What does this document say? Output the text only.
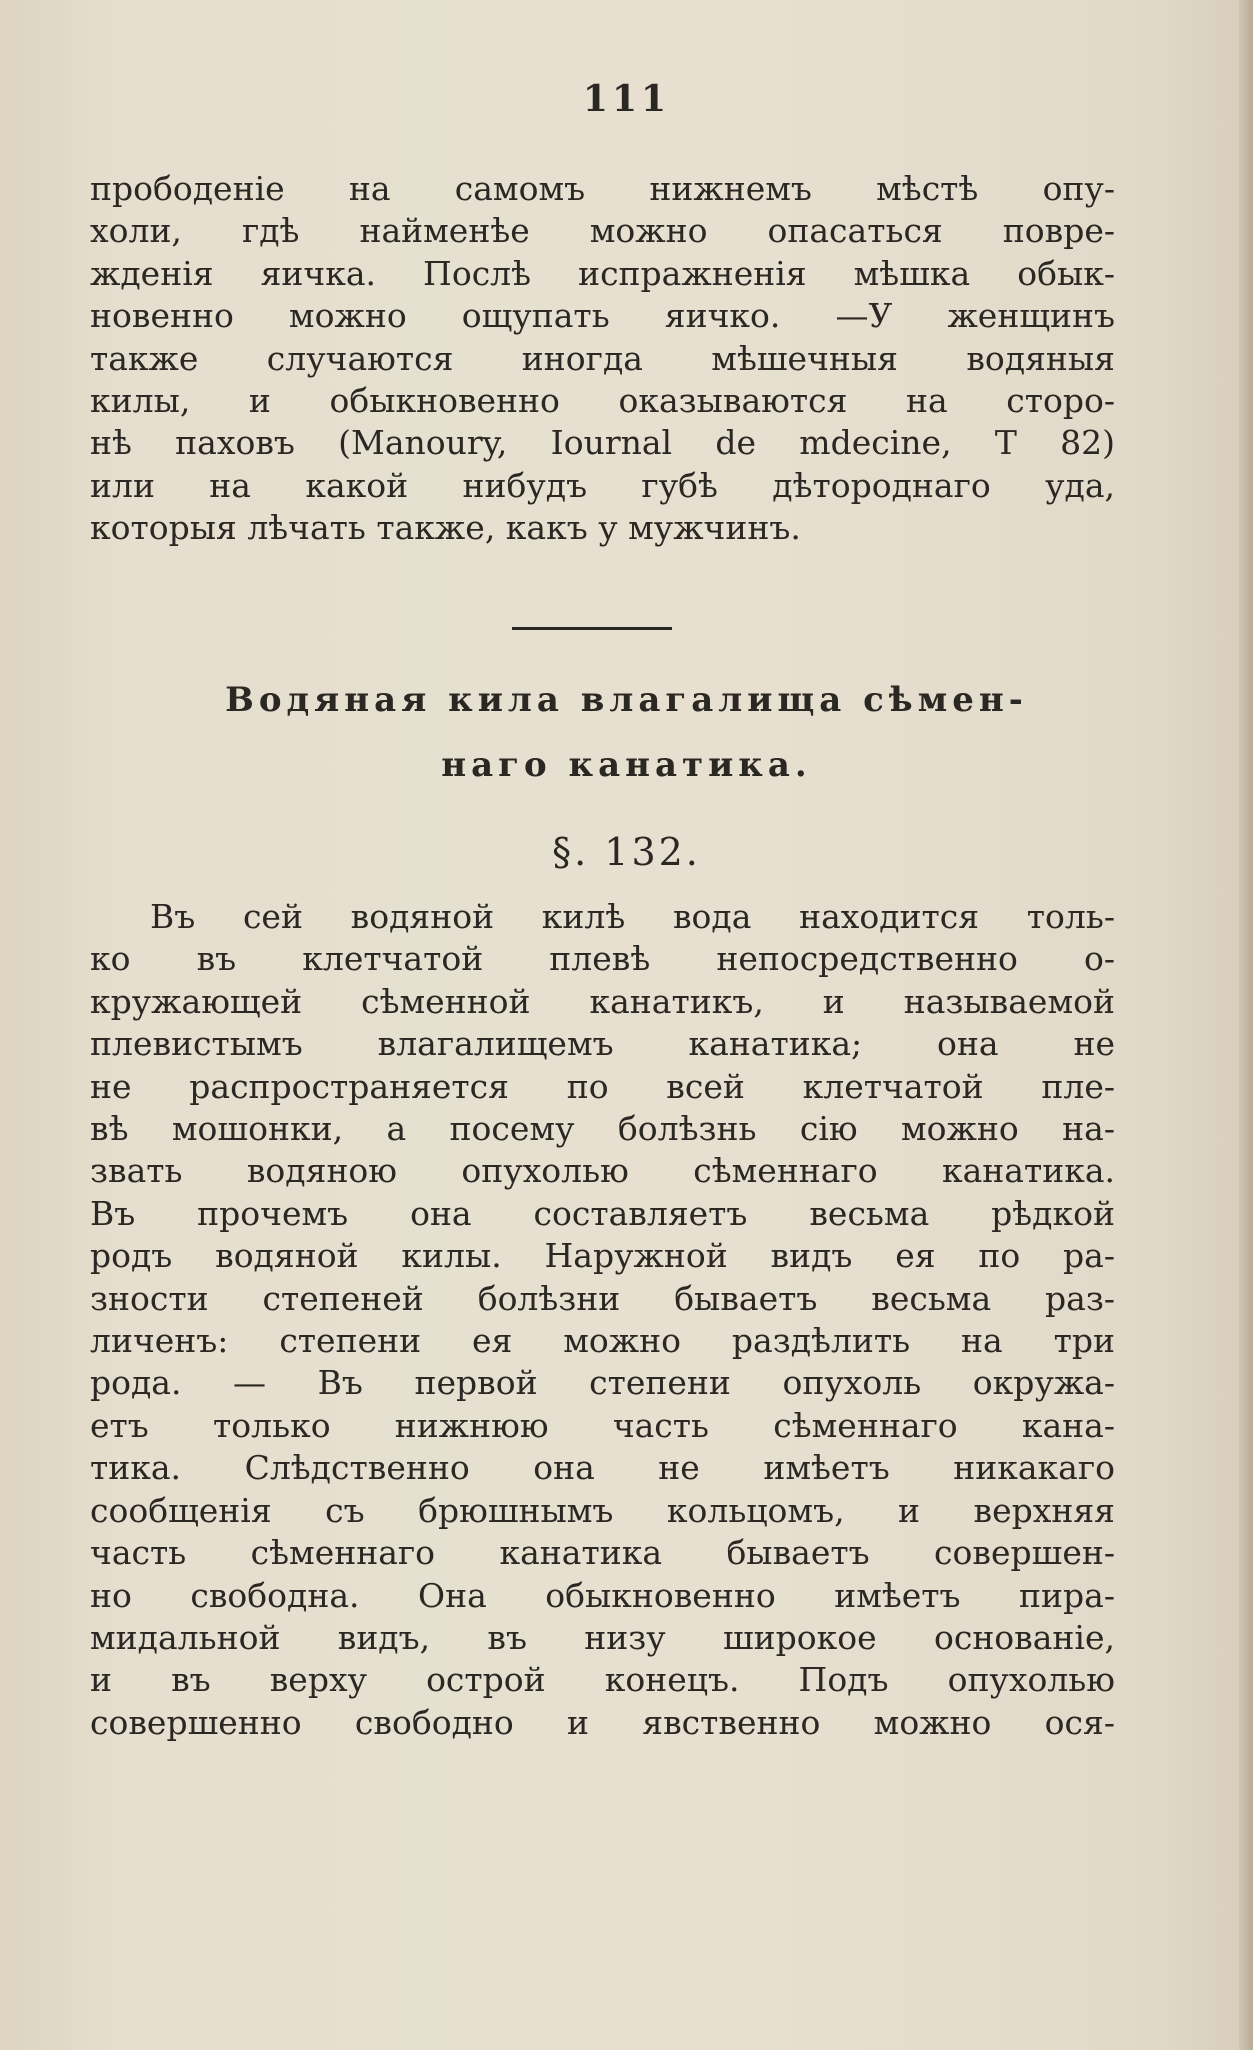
111
прободеніе на самомъ нижнемъ мѣстѣ опу-
холи, гдѣ найменѣе можно опасаться повре-
жденія яичка. Послѣ испражненія мѣшка обык-
новенно можно ощупать яичко. —У женщинъ
также случаются иногда мѣшечныя водяныя
килы, и обыкновенно оказываются на сторо-
нѣ паховъ (Manoury, Iournal de mdecine, T 82)
или на какой нибудъ губѣ дѣтороднаго уда,
которыя лѣчать также, какъ у мужчинъ.
Водяная кила влагалища сѣмен-
наго канатика.
§. 132.
Въ сей водяной килѣ вода находится толь-
ко въ клетчатой плевѣ непосредственно о-
кружающей сѣменной канатикъ, и называемой
плевистымъ влагалищемъ канатика; она не
не распространяется по всей клетчатой пле-
вѣ мошонки, а посему болѣзнь сію можно на-
звать водяною опухолью сѣменнаго канатика.
Въ прочемъ она составляетъ весьма рѣдкой
родъ водяной килы. Наружной видъ ея по ра-
зности степеней болѣзни бываетъ весьма раз-
личенъ: степени ея можно раздѣлить на три
рода. — Въ первой степени опухоль окружа-
етъ только нижнюю часть сѣменнаго кана-
тика. Слѣдственно она не имѣетъ никакаго
сообщенія съ брюшнымъ кольцомъ, и верхняя
часть сѣменнаго канатика бываетъ совершен-
но свободна. Она обыкновенно имѣетъ пира-
мидальной видъ, въ низу широкое основаніе,
и въ верху острой конецъ. Подъ опухолью
совершенно свободно и явственно можно ося-
